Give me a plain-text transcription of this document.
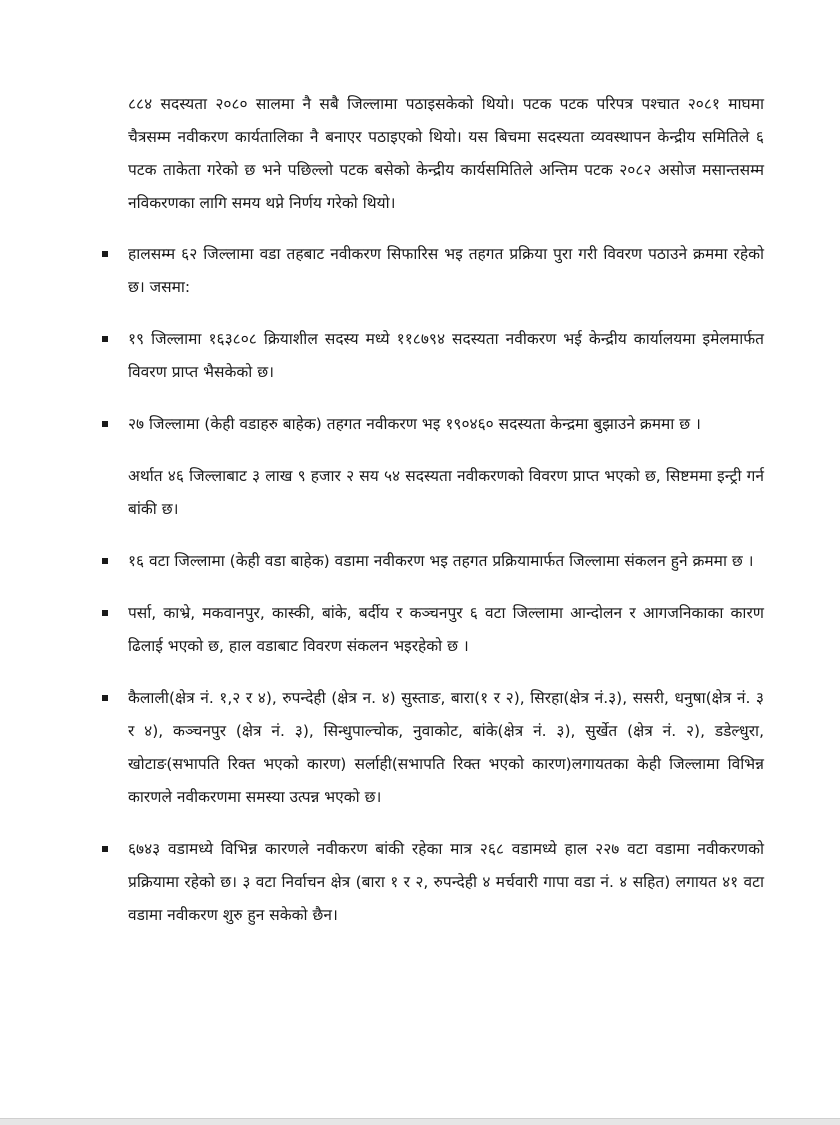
८८४ सदस्यता २०८० सालमा नै सबै जिल्लामा पठाइसकेको थियो। पटक पटक परिपत्र पश्चात २०८१ माघमा चैत्रसम्म नवीकरण कार्यतालिका नै बनाएर पठाइएको थियो। यस बिचमा सदस्यता व्यवस्थापन केन्द्रीय समितिले ६ पटक ताकेता गरेको छ भने पछिल्लो पटक बसेको केन्द्रीय कार्यसमितिले अन्तिम पटक २०८२ असोज मसान्तसम्म नविकरणका लागि समय थप्ने निर्णय गरेको थियो।

हालसम्म ६२ जिल्लामा वडा तहबाट नवीकरण सिफारिस भइ तहगत प्रक्रिया पुरा गरी विवरण पठाउने क्रममा रहेको छ। जसमा:

१९ जिल्लामा १६३८०८ क्रियाशील सदस्य मध्ये ११८७९४ सदस्यता नवीकरण भई केन्द्रीय कार्यालयमा इमेलमार्फत विवरण प्राप्त भैसकेको छ।

२७ जिल्लामा (केही वडाहरु बाहेक) तहगत नवीकरण भइ १९०४६० सदस्यता केन्द्रमा बुझाउने क्रममा छ ।

अर्थात ४६ जिल्लाबाट ३ लाख ९ हजार २ सय ५४ सदस्यता नवीकरणको विवरण प्राप्त भएको छ, सिष्टममा इन्ट्री गर्न बांकी छ।

१६ वटा जिल्लामा (केही वडा बाहेक) वडामा नवीकरण भइ तहगत प्रक्रियामार्फत जिल्लामा संकलन हुने क्रममा छ ।

पर्सा, काभ्रे, मकवानपुर, कास्की, बांके, बर्दीय र कञ्चनपुर ६ वटा जिल्लामा आन्दोलन र आगजनिकाका कारण ढिलाई भएको छ, हाल वडाबाट विवरण संकलन भइरहेको छ ।

कैलाली(क्षेत्र नं. १,२ र ४), रुपन्देही (क्षेत्र न. ४) सुस्ताङ, बारा(१ र २), सिरहा(क्षेत्र नं.३), ससरी, धनुषा(क्षेत्र नं. ३ र ४), कञ्चनपुर (क्षेत्र नं. ३), सिन्धुपाल्चोक, नुवाकोट, बांके(क्षेत्र नं. ३), सुर्खेत (क्षेत्र नं. २), डडेल्धुरा, खोटाङ(सभापति रिक्त भएको कारण) सर्लाही(सभापति रिक्त भएको कारण)लगायतका केही जिल्लामा विभिन्न कारणले नवीकरणमा समस्या उत्पन्न भएको छ।

६७४३ वडामध्ये विभिन्न कारणले नवीकरण बांकी रहेका मात्र २६८ वडामध्ये हाल २२७ वटा वडामा नवीकरणको प्रक्रियामा रहेको छ। ३ वटा निर्वाचन क्षेत्र (बारा १ र २, रुपन्देही ४ मर्चवारी गापा वडा नं. ४ सहित) लगायत ४१ वटा वडामा नवीकरण शुरु हुन सकेको छैन।
